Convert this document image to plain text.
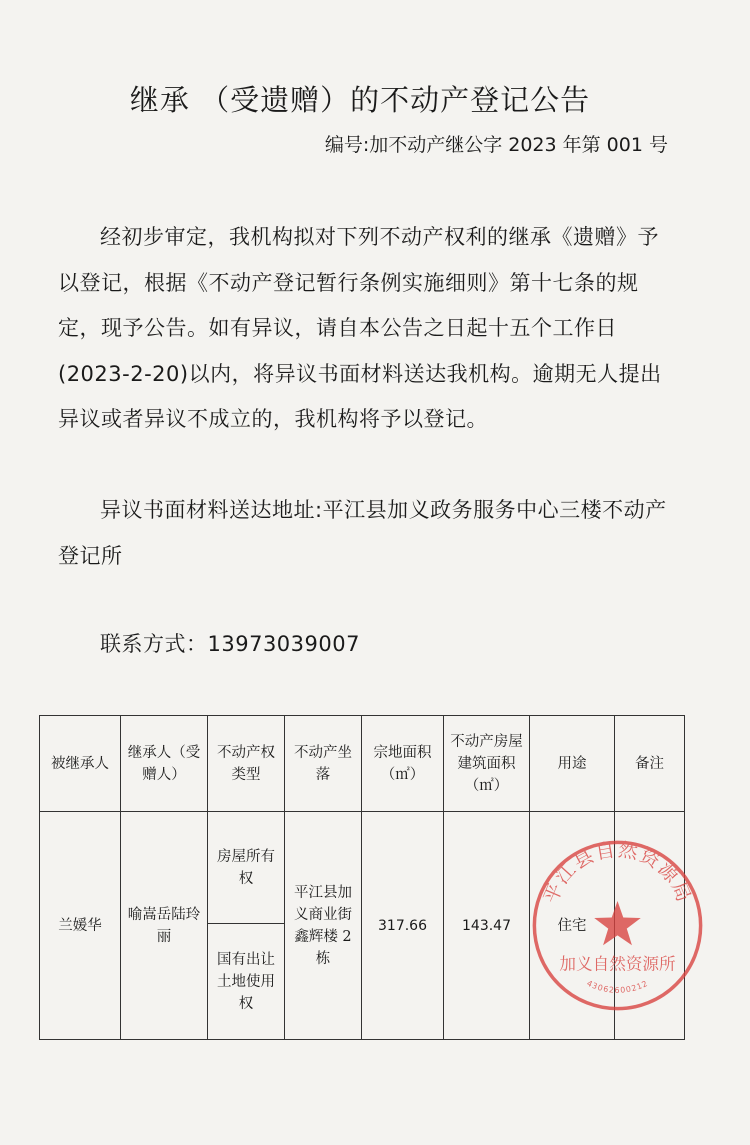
继承 （受遗赠）的不动产登记公告
编号:加不动产继公字 2023 年第 001 号
经初步审定，我机构拟对下列不动产权利的继承《遗赠》予以登记，根据《不动产登记暂行条例实施细则》第十七条的规定，现予公告。如有异议，请自本公告之日起十五个工作日(2023-2-20)以内，将异议书面材料送达我机构。逾期无人提出异议或者异议不成立的，我机构将予以登记。
异议书面材料送达地址:平江县加义政务服务中心三楼不动产登记所
联系方式：13973039007
被继承人	继承人（受赠人）	不动产权类型	不动产坐落	宗地面积（㎡）	不动产房屋建筑面积（㎡）	用途	备注
兰媛华	喻嵩岳陆玲丽	房屋所有权	平江县加义商业街鑫辉楼 2 栋	317.66	143.47	住宅	
		国有出让土地使用权					
平江县自然资源局
加义自然资源所
43062600212
